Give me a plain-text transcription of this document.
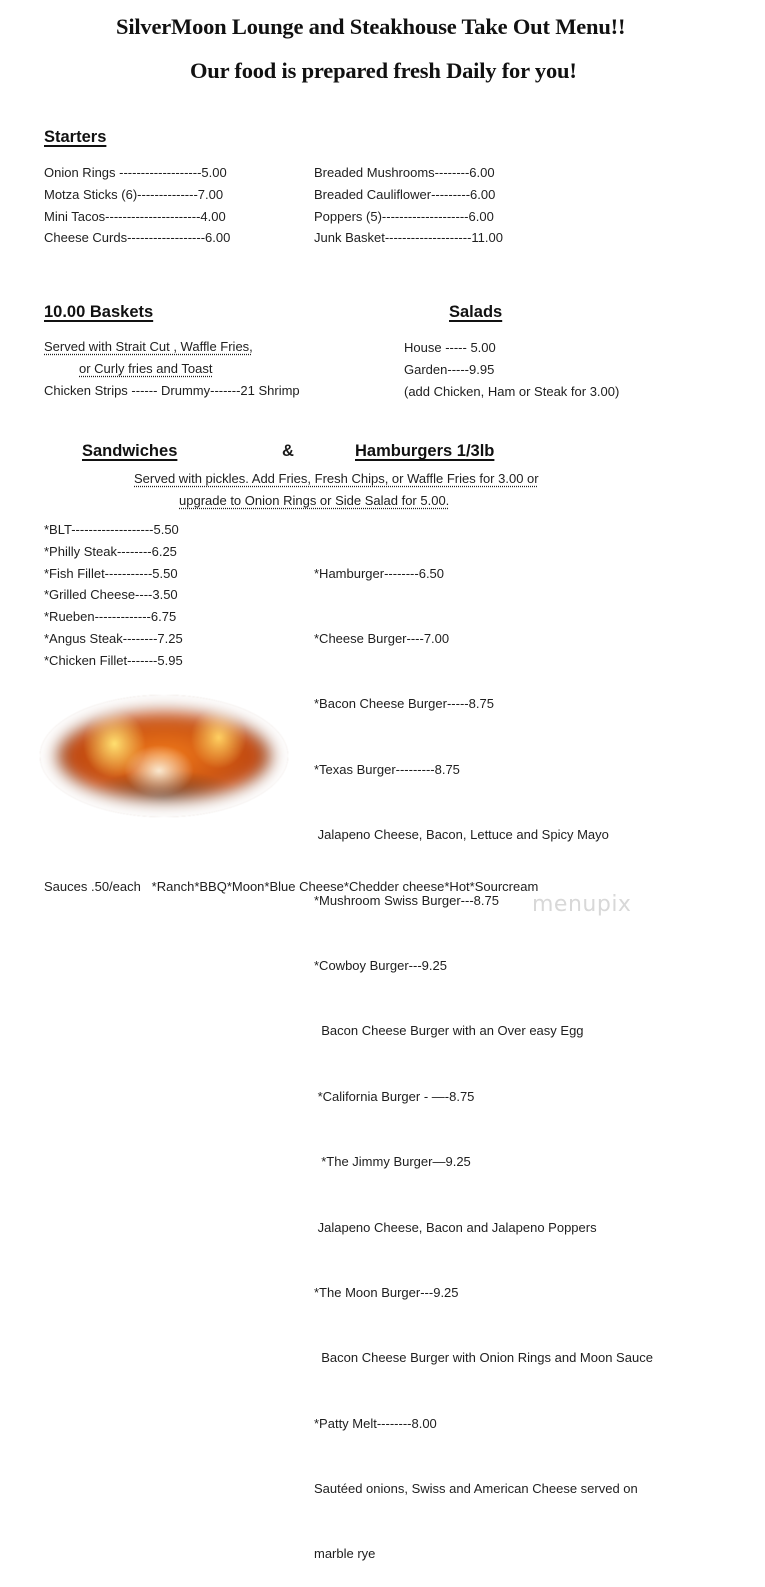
SilverMoon Lounge and Steakhouse Take Out Menu!!
Our food is prepared fresh Daily for you!
Starters
Onion Rings -------------------5.00
Motza Sticks (6)--------------7.00
Mini Tacos----------------------4.00
Cheese Curds------------------6.00
Breaded Mushrooms--------6.00
Breaded Cauliflower---------6.00
Poppers (5)--------------------6.00
Junk Basket--------------------11.00
10.00 Baskets
Served with Strait Cut , Waffle Fries,
or Curly fries and Toast
Chicken Strips ------ Drummy-------21 Shrimp
Salads
House ----- 5.00
Garden-----9.95
(add Chicken, Ham or Steak for 3.00)
Sandwiches	&	Hamburgers 1/3lb
Served with pickles. Add Fries, Fresh Chips, or Waffle Fries for 3.00 or
upgrade to Onion Rings or Side Salad for 5.00.
*BLT-------------------5.50
*Philly Steak--------6.25
*Fish Fillet-----------5.50
*Grilled Cheese----3.50
*Rueben-------------6.75
*Angus Steak--------7.25
*Chicken Fillet-------5.95

*Hamburger--------6.50

*Cheese Burger----7.00

*Bacon Cheese Burger-----8.75

*Texas Burger---------8.75

Jalapeno Cheese, Bacon, Lettuce and Spicy Mayo

*Mushroom Swiss Burger---8.75

*Cowboy Burger---9.25

Bacon Cheese Burger with an Over easy Egg

*California Burger - —-8.75

*The Jimmy Burger—9.25

Jalapeno Cheese, Bacon and Jalapeno Poppers

*The Moon Burger---9.25

Bacon Cheese Burger with Onion Rings and Moon Sauce

*Patty Melt--------8.00

Sautéed onions, Swiss and American Cheese served on

marble rye

Sauces .50/each   *Ranch*BBQ*Moon*Blue Cheese*Chedder cheese*Hot*Sourcream
menupix
